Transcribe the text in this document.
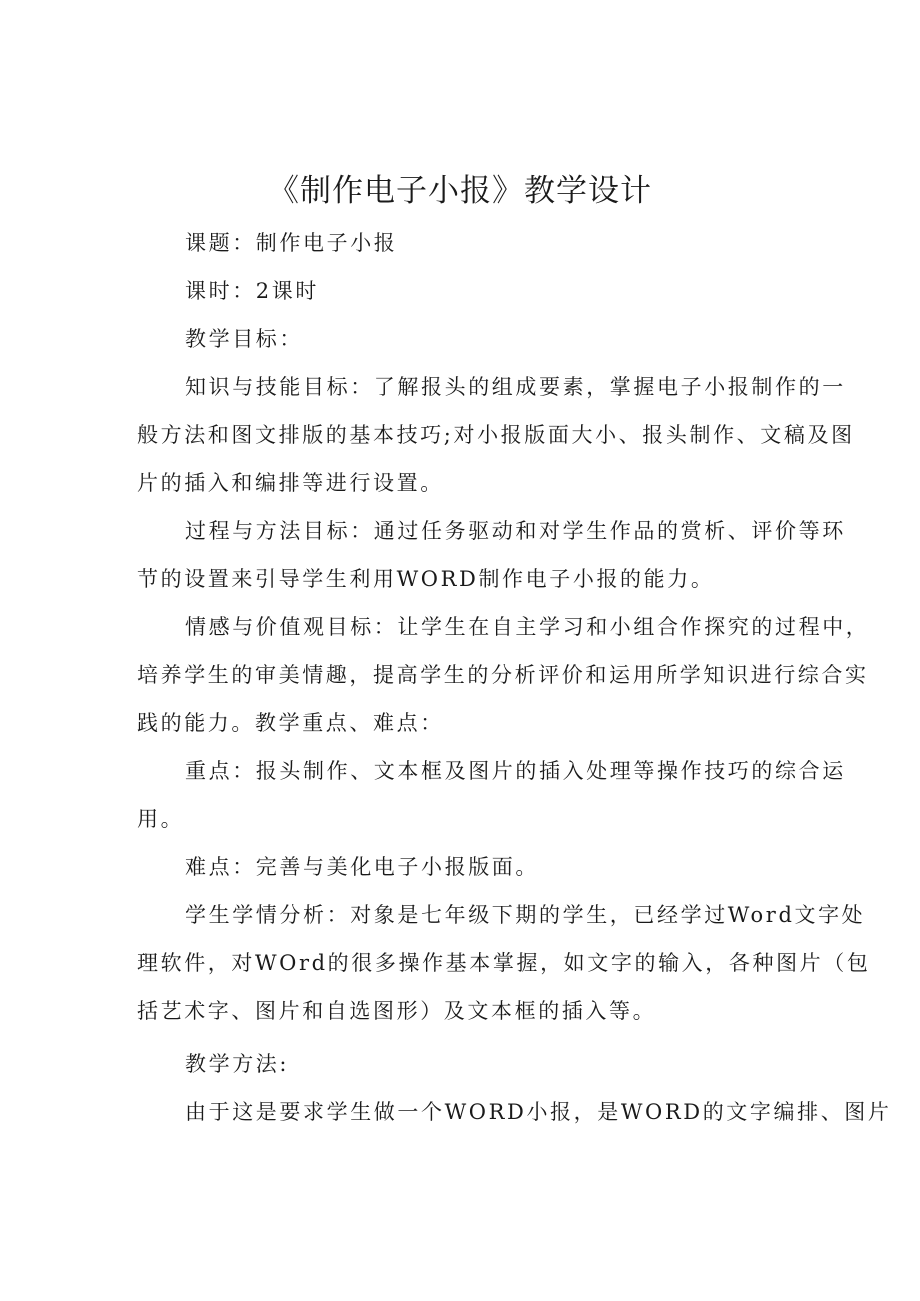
《制作电子小报》教学设计
课题：制作电子小报
课时：2课时
教学目标：
知识与技能目标：了解报头的组成要素，掌握电子小报制作的一
般方法和图文排版的基本技巧;对小报版面大小、报头制作、文稿及图
片的插入和编排等进行设置。
过程与方法目标：通过任务驱动和对学生作品的赏析、评价等环
节的设置来引导学生利用WORD制作电子小报的能力。
情感与价值观目标：让学生在自主学习和小组合作探究的过程中，
培养学生的审美情趣，提高学生的分析评价和运用所学知识进行综合实
践的能力。教学重点、难点：
重点：报头制作、文本框及图片的插入处理等操作技巧的综合运
用。
难点：完善与美化电子小报版面。
学生学情分析：对象是七年级下期的学生，已经学过Word文字处
理软件，对WOrd的很多操作基本掌握，如文字的输入，各种图片（包
括艺术字、图片和自选图形）及文本框的插入等。
教学方法:
由于这是要求学生做一个WORD小报，是WORD的文字编排、图片
